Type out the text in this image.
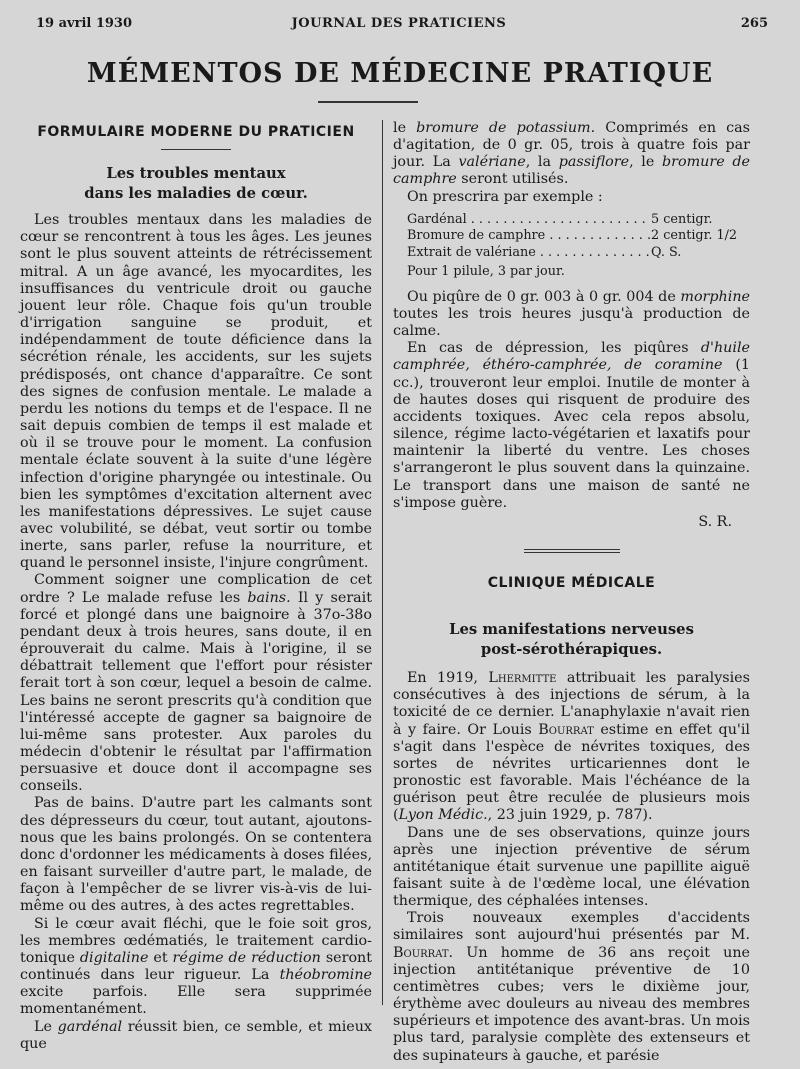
19 avril 1930	JOURNAL DES PRATICIENS	265
MÉMENTOS DE MÉDECINE PRATIQUE
FORMULAIRE MODERNE DU PRATICIEN
Les troubles mentaux
dans les maladies de cœur.

Les troubles mentaux dans les maladies de cœur se rencontrent à tous les âges. Les jeunes sont le plus souvent atteints de rétrécissement mitral. A un âge avancé, les myocardites, les insuffisances du ventricule droit ou gauche jouent leur rôle. Chaque fois qu'un trouble d'irrigation sanguine se produit, et indépendamment de toute déficience dans la sécrétion rénale, les accidents, sur les sujets prédisposés, ont chance d'apparaître. Ce sont des signes de confusion mentale. Le malade a perdu les notions du temps et de l'espace. Il ne sait depuis combien de temps il est malade et où il se trouve pour le moment. La confusion mentale éclate souvent à la suite d'une légère infection d'origine pharyngée ou intestinale. Ou bien les symptômes d'excitation alternent avec les manifestations dépressives. Le sujet cause avec volubilité, se débat, veut sortir ou tombe inerte, sans parler, refuse la nourriture, et quand le personnel insiste, l'injure congrûment.

Comment soigner une complication de cet ordre ? Le malade refuse les bains. Il y serait forcé et plongé dans une baignoire à 37o-38o pendant deux à trois heures, sans doute, il en éprouverait du calme. Mais à l'origine, il se débattrait tellement que l'effort pour résister ferait tort à son cœur, lequel a besoin de calme. Les bains ne seront prescrits qu'à condition que l'intéressé accepte de gagner sa baignoire de lui-même sans protester. Aux paroles du médecin d'obtenir le résultat par l'affirmation persuasive et douce dont il accompagne ses conseils.

Pas de bains. D'autre part les calmants sont des dépresseurs du cœur, tout autant, ajoutons-nous que les bains prolongés. On se contentera donc d'ordonner les médicaments à doses filées, en faisant surveiller d'autre part, le malade, de façon à l'empêcher de se livrer vis-à-vis de lui-même ou des autres, à des actes regrettables.

Si le cœur avait fléchi, que le foie soit gros, les membres œdématiés, le traitement cardio-tonique digitaline et régime de réduction seront continués dans leur rigueur. La théobromine excite parfois. Elle sera supprimée momentanément.

Le gardénal réussit bien, ce semble, et mieux que

le bromure de potassium. Comprimés en cas d'agitation, de 0 gr. 05, trois à quatre fois par jour. La valériane, la passiflore, le bromure de camphre seront utilisés.

On prescrira par exemple :

Gardénal . . .	5 centigr.
Bromure de camphre . . .	2 centigr. 1/2
Extrait de valériane . . .	Q. S.
Pour 1 pilule, 3 par jour.

Ou piqûre de 0 gr. 003 à 0 gr. 004 de morphine toutes les trois heures jusqu'à production de calme.

En cas de dépression, les piqûres d'huile camphrée, éthéro-camphrée, de coramine (1 cc.), trouveront leur emploi. Inutile de monter à de hautes doses qui risquent de produire des accidents toxiques. Avec cela repos absolu, silence, régime lacto-végétarien et laxatifs pour maintenir la liberté du ventre. Les choses s'arrangeront le plus souvent dans la quinzaine. Le transport dans une maison de santé ne s'impose guère.

S. R.
CLINIQUE MÉDICALE
Les manifestations nerveuses
post-sérothérapiques.

En 1919, Lhermitte attribuait les paralysies consécutives à des injections de sérum, à la toxicité de ce dernier. L'anaphylaxie n'avait rien à y faire. Or Louis Bourrat estime en effet qu'il s'agit dans l'espèce de névrites toxiques, des sortes de névrites urticariennes dont le pronostic est favorable. Mais l'échéance de la guérison peut être reculée de plusieurs mois (Lyon Médic., 23 juin 1929, p. 787).

Dans une de ses observations, quinze jours après une injection préventive de sérum antitétanique était survenue une papillite aiguë faisant suite à de l'œdème local, une élévation thermique, des céphalées intenses.

Trois nouveaux exemples d'accidents similaires sont aujourd'hui présentés par M. Bourrat. Un homme de 36 ans reçoit une injection antitétanique préventive de 10 centimètres cubes; vers le dixième jour, érythème avec douleurs au niveau des membres supérieurs et impotence des avant-bras. Un mois plus tard, paralysie complète des extenseurs et des supinateurs à gauche, et parésie
